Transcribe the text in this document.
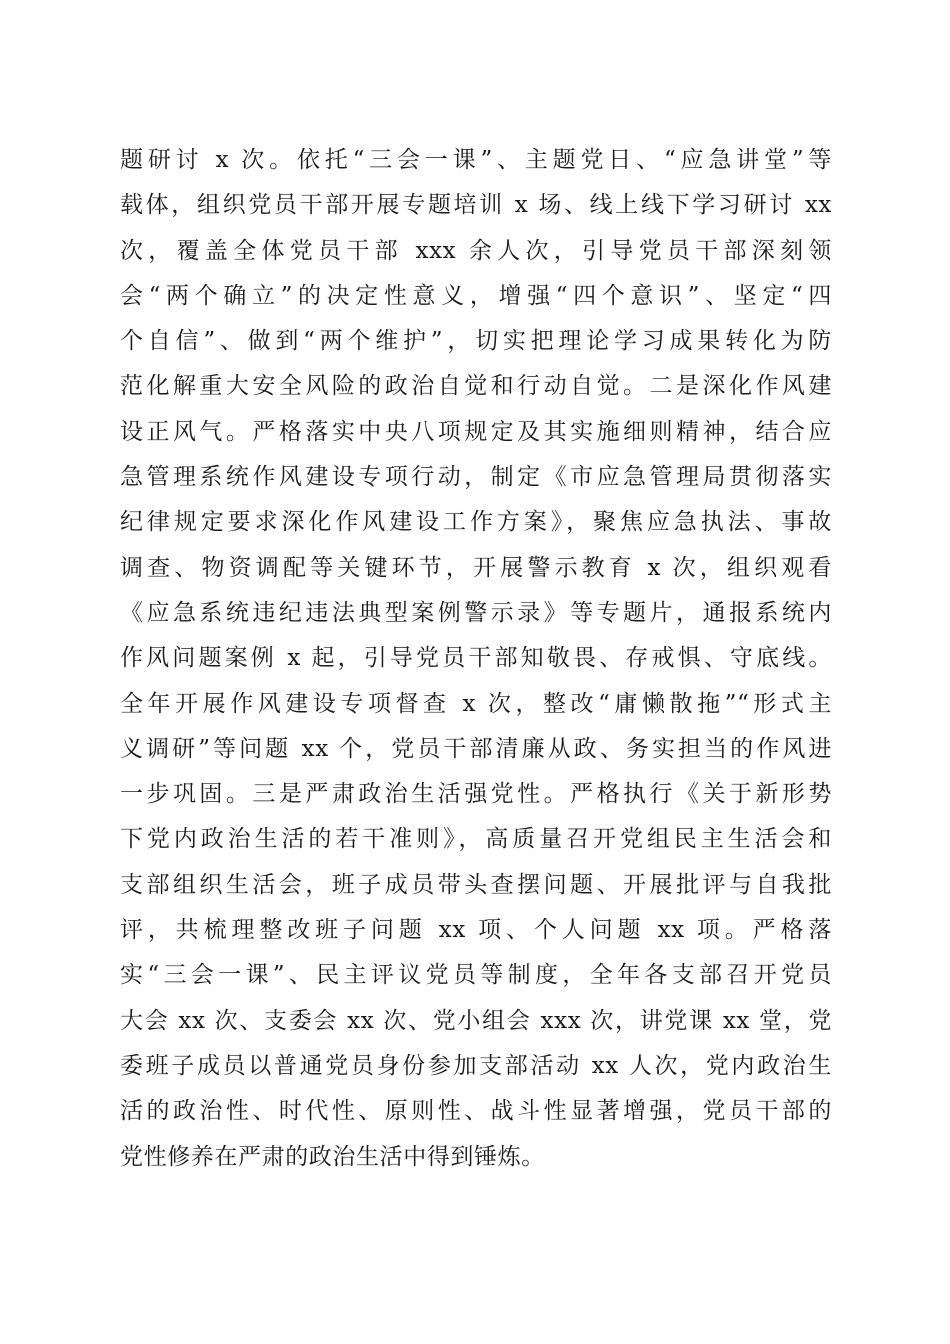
题研讨 x 次。依托“三会一课”、主题党日、“应急讲堂”等
载体，组织党员干部开展专题培训 x 场、线上线下学习研讨 xx
次，覆盖全体党员干部 xxx 余人次，引导党员干部深刻领
会“两个确立”的决定性意义，增强“四个意识”、坚定“四
个自信”、做到“两个维护”，切实把理论学习成果转化为防
范化解重大安全风险的政治自觉和行动自觉。二是深化作风建
设正风气。严格落实中央八项规定及其实施细则精神，结合应
急管理系统作风建设专项行动，制定《市应急管理局贯彻落实
纪律规定要求深化作风建设工作方案》，聚焦应急执法、事故
调查、物资调配等关键环节，开展警示教育 x 次，组织观看
《应急系统违纪违法典型案例警示录》等专题片，通报系统内
作风问题案例 x 起，引导党员干部知敬畏、存戒惧、守底线。
全年开展作风建设专项督查 x 次，整改“庸懒散拖”“形式主
义调研”等问题 xx 个，党员干部清廉从政、务实担当的作风进
一步巩固。三是严肃政治生活强党性。严格执行《关于新形势
下党内政治生活的若干准则》，高质量召开党组民主生活会和
支部组织生活会，班子成员带头查摆问题、开展批评与自我批
评，共梳理整改班子问题 xx 项、个人问题 xx 项。严格落
实“三会一课”、民主评议党员等制度，全年各支部召开党员
大会 xx 次、支委会 xx 次、党小组会 xxx 次，讲党课 xx 堂，党
委班子成员以普通党员身份参加支部活动 xx 人次，党内政治生
活的政治性、时代性、原则性、战斗性显著增强，党员干部的
党性修养在严肃的政治生活中得到锤炼。
